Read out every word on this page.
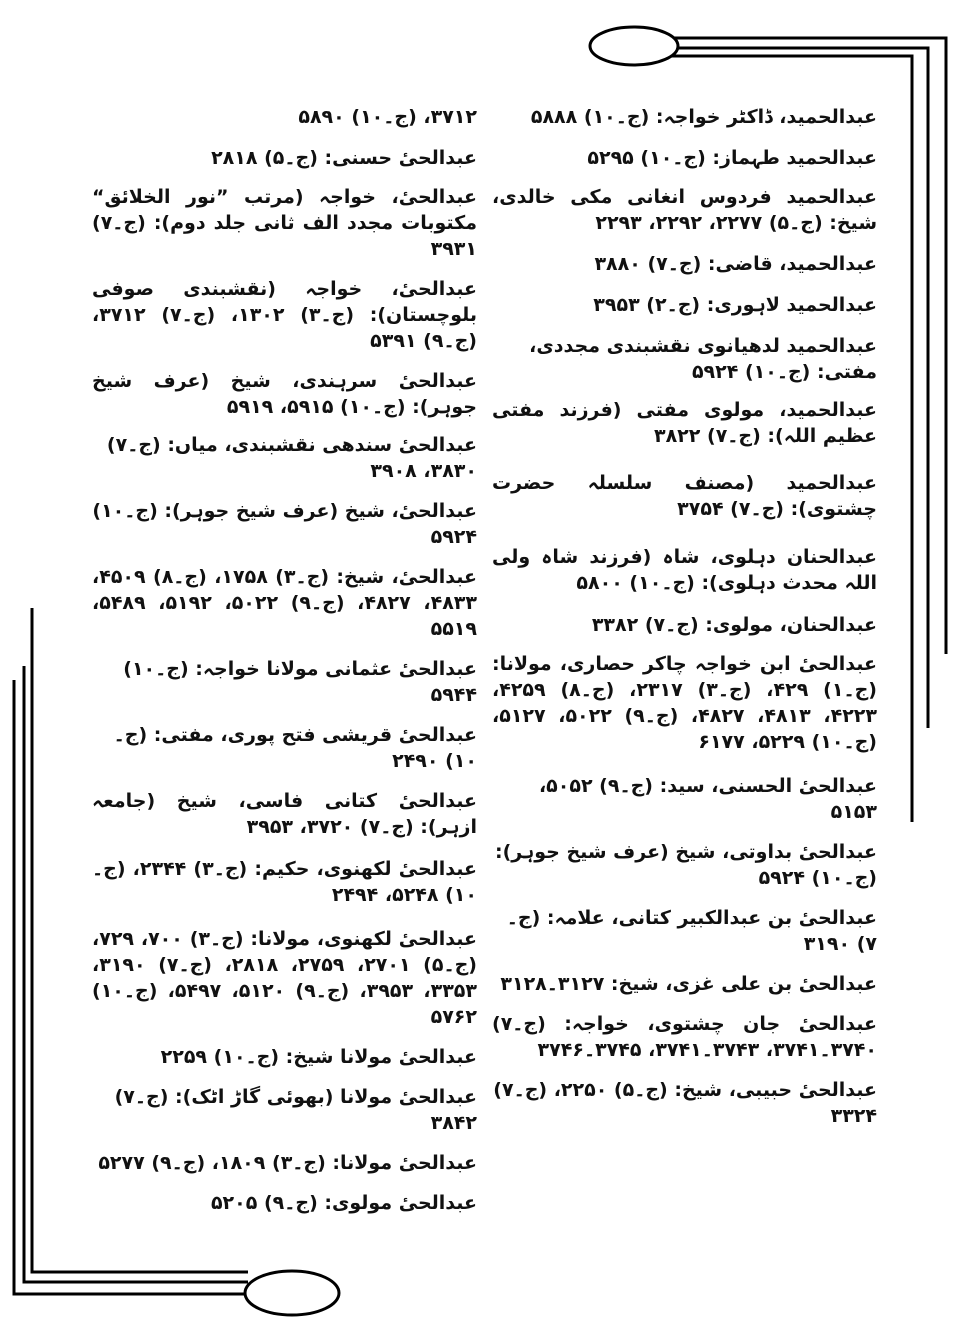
عبدالحمید، ڈاکٹر خواجہ: (ج۔۱۰) ۵۸۸۸

عبدالحمید طہماز: (ج۔۱۰) ۵۲۹۵

عبدالحمید فردوس انغانی مکی خالدی، شیخ: (ج۔۵) ۲۲۷۷، ۲۲۹۲، ۲۲۹۳

عبدالحمید، قاضی: (ج۔۷) ۳۸۸۰

عبدالحمید لاہوری: (ج۔۲) ۳۹۵۳

عبدالحمید لدھیانوی نقشبندی مجددی، مفتی: (ج۔۱۰) ۵۹۲۴

عبدالحمید، مولوی مفتی (فرزند مفتی عظیم اللہ): (ج۔۷) ۳۸۲۲

عبدالحمید (مصنف سلسلہ حضرت چشتوی): (ج۔۷) ۳۷۵۴

عبدالحنان دہلوی، شاہ (فرزند شاہ ولی اللہ محدث دہلوی): (ج۔۱۰) ۵۸۰۰

عبدالحنان، مولوی: (ج۔۷) ۳۳۸۲

عبدالحیٔ ابن خواجہ چاکر حصاری، مولانا: (ج۔۱) ۴۲۹، (ج۔۳) ۲۳۱۷، (ج۔۸) ۴۲۵۹، ۴۲۲۳، ۴۸۱۳، ۴۸۲۷، (ج۔۹) ۵۰۲۲، ۵۱۲۷، (ج۔۱۰) ۵۲۲۹، ۶۱۷۷

عبدالحیٔ الحسنی، سید: (ج۔۹) ۵۰۵۲، ۵۱۵۳

عبدالحیٔ بداوتی، شیخ (عرف شیخ جوہر): (ج۔۱۰) ۵۹۲۴

عبدالحیٔ بن عبدالکبیر کتانی، علامہ: (ج۔۷) ۳۱۹۰

عبدالحیٔ بن علی غزی، شیخ: ۳۱۲۷۔۳۱۲۸

عبدالحیٔ جان چشتوی، خواجہ: (ج۔۷) ۳۷۴۰۔۳۷۴۱، ۳۷۴۳۔۳۷۴۱، ۳۷۴۵۔۳۷۴۶

عبدالحیٔ حبیبی، شیخ: (ج۔۵) ۲۲۵۰، (ج۔۷) ۳۳۲۴

۳۷۱۲، (ج۔۱۰) ۵۸۹۰

عبدالحیٔ حسنی: (ج۔۵) ۲۸۱۸

عبدالحیٔ، خواجہ (مرتب ”نور الخلائق“ مکتوبات مجدد الف ثانی جلد دوم): (ج۔۷) ۳۹۳۱

عبدالحیٔ، خواجہ (نقشبندی صوفی بلوچستان): (ج۔۳) ۱۳۰۲، (ج۔۷) ۳۷۱۲، (ج۔۹) ۵۳۹۱

عبدالحیٔ سرہندی، شیخ (عرف شیخ جوہر): (ج۔۱۰) ۵۹۱۵، ۵۹۱۹

عبدالحیٔ سندھی نقشبندی، میاں: (ج۔۷) ۳۸۳۰، ۳۹۰۸

عبدالحیٔ، شیخ (عرف شیخ جوہر): (ج۔۱۰) ۵۹۲۴

عبدالحیٔ، شیخ: (ج۔۳) ۱۷۵۸، (ج۔۸) ۴۵۰۹، ۴۸۳۳، ۴۸۲۷، (ج۔۹) ۵۰۲۲، ۵۱۹۲، ۵۴۸۹، ۵۵۱۹

عبدالحیٔ عثمانی مولانا خواجہ: (ج۔۱۰) ۵۹۴۴

عبدالحیٔ قریشی فتح پوری، مفتی: (ج۔۱۰) ۲۴۹۰

عبدالحیٔ کتانی فاسی، شیخ (جامعہ ازہر): (ج۔۷) ۳۷۲۰، ۳۹۵۳

عبدالحیٔ لکھنوی، حکیم: (ج۔۳) ۲۳۴۴، (ج۔۱۰) ۵۲۴۸، ۲۴۹۴

عبدالحیٔ لکھنوی، مولانا: (ج۔۳) ۷۰۰، ۷۲۹، (ج۔۵) ۲۷۰۱، ۲۷۵۹، ۲۸۱۸، (ج۔۷) ۳۱۹۰، ۳۳۵۳، ۳۹۵۳، (ج۔۹) ۵۱۲۰، ۵۴۹۷، (ج۔۱۰) ۵۷۶۲

عبدالحیٔ مولانا شیخ: (ج۔۱۰) ۲۲۵۹

عبدالحیٔ مولانا (بھوئی گاڑ اٹک): (ج۔۷) ۳۸۴۲

عبدالحیٔ مولانا: (ج۔۳) ۱۸۰۹، (ج۔۹) ۵۲۷۷

عبدالحیٔ مولوی: (ج۔۹) ۵۲۰۵
